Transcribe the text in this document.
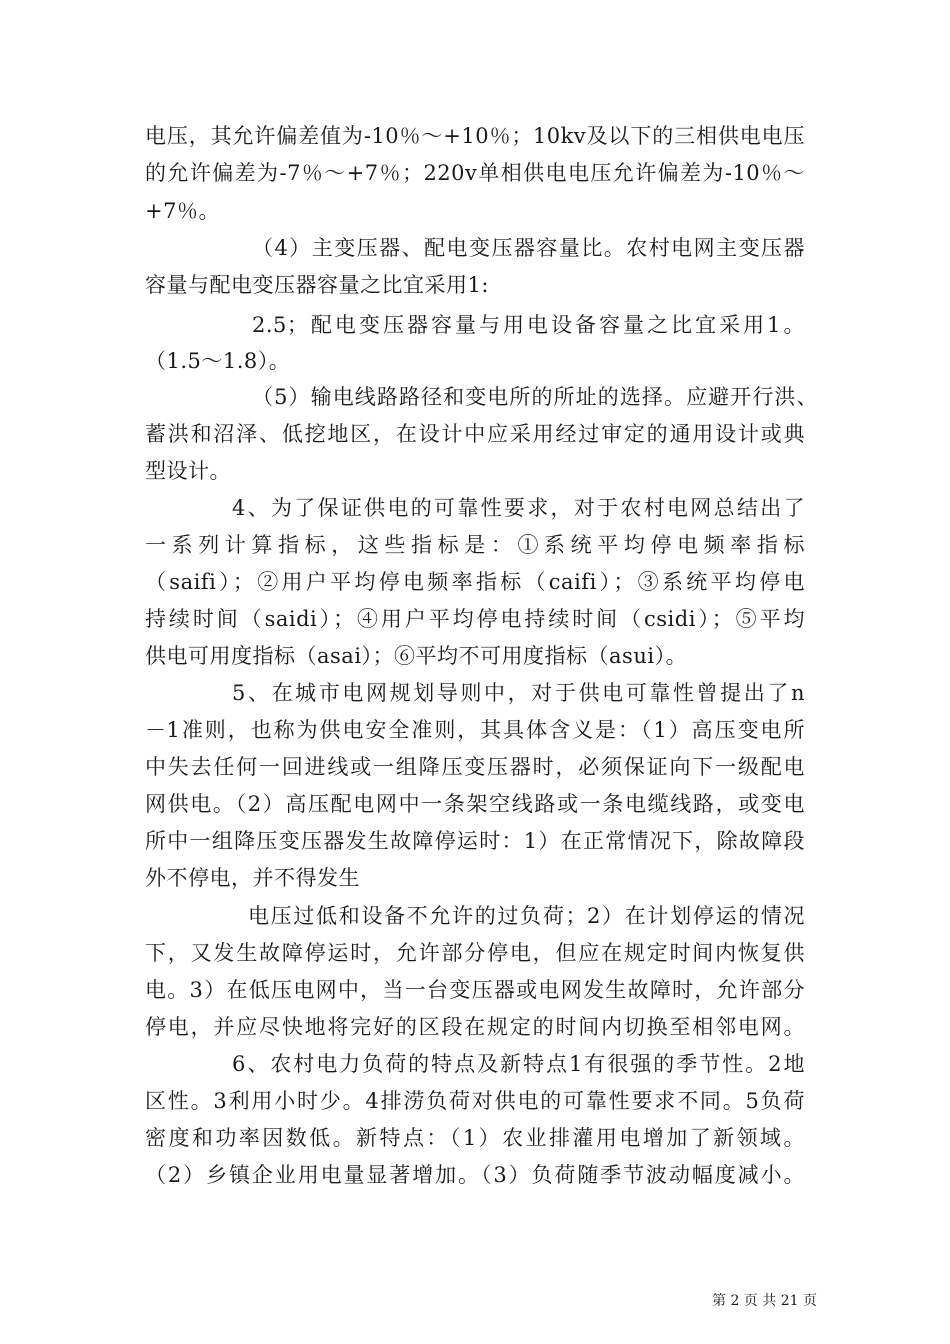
电压，其允许偏差值为-10％～+10％；10kv及以下的三相供电电压
的允许偏差为-7％～+7％；220v单相供电电压允许偏差为-10％～
+7％。
（4）主变压器、配电变压器容量比。农村电网主变压器
容量与配电变压器容量之比宜采用1:
2.5；配电变压器容量与用电设备容量之比宜采用1。
（1.5～1.8）。
（5）输电线路路径和变电所的所址的选择。应避开行洪、
蓄洪和沼泽、低挖地区，在设计中应采用经过审定的通用设计或典
型设计。
4、为了保证供电的可靠性要求，对于农村电网总结出了
一系列计算指标，这些指标是：①系统平均停电频率指标
（saifi）；②用户平均停电频率指标（caifi）；③系统平均停电
持续时间（saidi）；④用户平均停电持续时间（csidi）；⑤平均
供电可用度指标（asai）；⑥平均不可用度指标（asui）。
5、在城市电网规划导则中，对于供电可靠性曾提出了n
－1准则，也称为供电安全准则，其具体含义是：（1）高压变电所
中失去任何一回进线或一组降压变压器时，必须保证向下一级配电
网供电。（2）高压配电网中一条架空线路或一条电缆线路，或变电
所中一组降压变压器发生故障停运时：1）在正常情况下，除故障段
外不停电，并不得发生
电压过低和设备不允许的过负荷；2）在计划停运的情况
下，又发生故障停运时，允许部分停电，但应在规定时间内恢复供
电。3）在低压电网中，当一台变压器或电网发生故障时，允许部分
停电，并应尽快地将完好的区段在规定的时间内切换至相邻电网。
6、农村电力负荷的特点及新特点1有很强的季节性。2地
区性。3利用小时少。4排涝负荷对供电的可靠性要求不同。5负荷
密度和功率因数低。新特点：（1）农业排灌用电增加了新领域。
（2）乡镇企业用电量显著增加。（3）负荷随季节波动幅度减小。
第 2 页 共 21 页
